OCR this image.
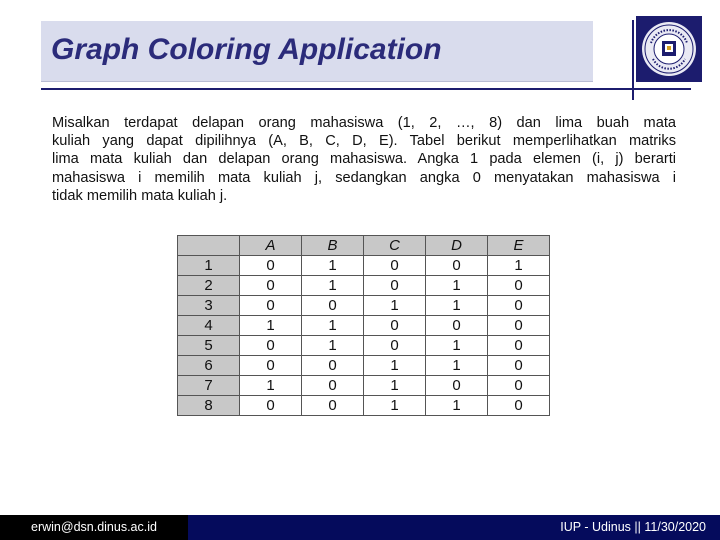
Graph Coloring Application
Misalkan terdapat delapan orang mahasiswa (1, 2, …, 8) dan lima buah mata
kuliah yang dapat dipilihnya (A, B, C, D, E). Tabel berikut memperlihatkan matriks
lima mata kuliah dan delapan orang mahasiswa. Angka 1 pada elemen (i, j) berarti
mahasiswa i memilih mata kuliah j, sedangkan angka 0 menyatakan mahasiswa i
tidak memilih mata kuliah j.
	A	B	C	D	E
1	0	1	0	0	1
2	0	1	0	1	0
3	0	0	1	1	0
4	1	1	0	0	0
5	0	1	0	1	0
6	0	0	1	1	0
7	1	0	1	0	0
8	0	0	1	1	0
erwin@dsn.dinus.ac.id	IUP - Udinus || 11/30/2020
